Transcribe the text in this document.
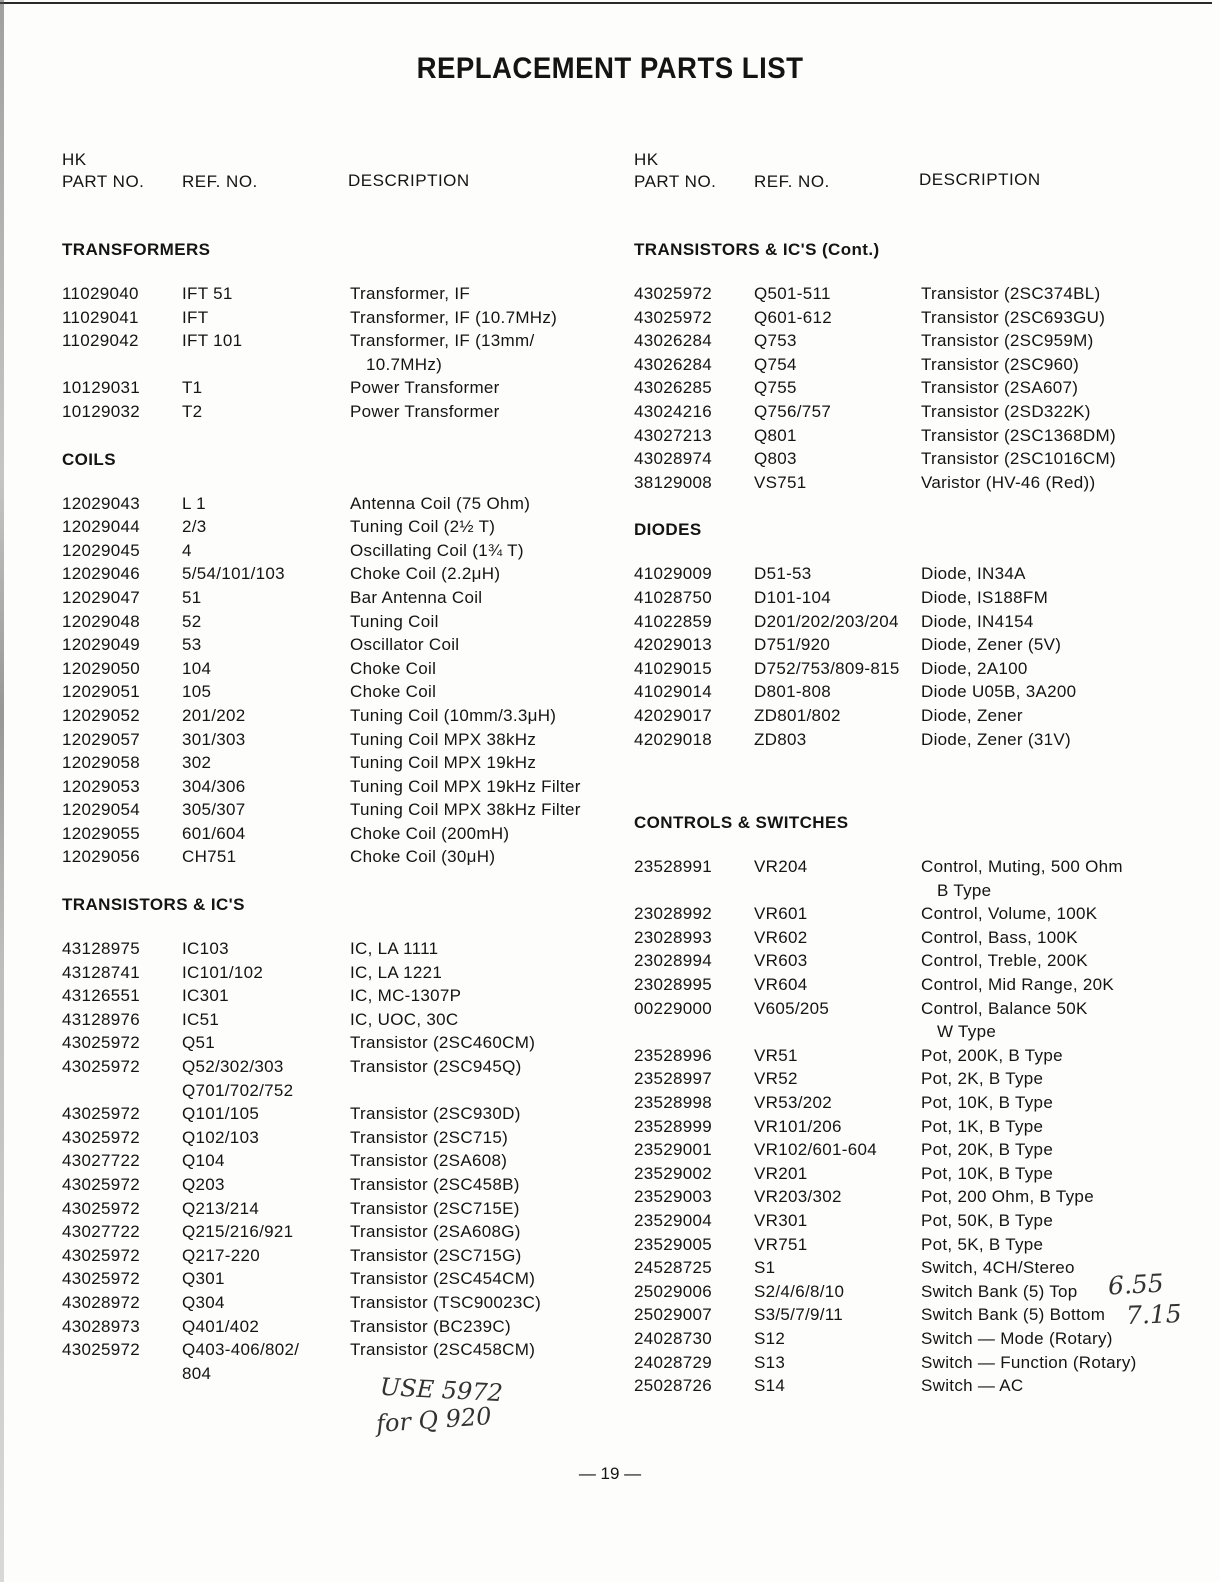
REPLACEMENT PARTS LIST
HK
PART NO. REF. NO.	DESCRIPTION
TRANSFORMERS
11029040	IFT 51	Transformer, IF
11029041	IFT	Transformer, IF (10.7MHz)
11029042	IFT 101	Transformer, IF (13mm/
10.7MHz)
10129031 T1	Power Transformer
10129032 T2	Power Transformer
COILS
12029043 L 1	Antenna Coil (75 Ohm)
12029044 2/3	Tuning Coil (2½ T)
12029045 4	Oscillating Coil (1¾ T)
12029046 5/54/101/103	Choke Coil (2.2μH)
12029047 51	Bar Antenna Coil
12029048 52	Tuning Coil
12029049 53	Oscillator Coil
12029050 104	Choke Coil
12029051 105	Choke Coil
12029052 201/202	Tuning Coil (10mm/3.3μH)
12029057 301/303	Tuning Coil MPX 38kHz
12029058 302	Tuning Coil MPX 19kHz
12029053 304/306	Tuning Coil MPX 19kHz Filter
12029054 305/307	Tuning Coil MPX 38kHz Filter
12029055 601/604	Choke Coil (200mH)
12029056 CH751	Choke Coil (30μH)
TRANSISTORS & IC'S
43128975 IC103	IC, LA 1111
43128741 IC101/102	IC, LA 1221
43126551 IC301	IC, MC-1307P
43128976 IC51	IC, UOC, 30C
43025972 Q51	Transistor (2SC460CM)
43025972 Q52/302/303	Transistor (2SC945Q)
Q701/702/752
43025972 Q101/105	Transistor (2SC930D)
43025972 Q102/103	Transistor (2SC715)
43027722 Q104	Transistor (2SA608)
43025972 Q203	Transistor (2SC458B)
43025972 Q213/214	Transistor (2SC715E)
43027722 Q215/216/921	Transistor (2SA608G)
43025972 Q217-220	Transistor (2SC715G)
43025972 Q301	Transistor (2SC454CM)
43028972 Q304	Transistor (TSC90023C)
43028973 Q401/402	Transistor (BC239C)
43025972 Q403-406/802/	Transistor (2SC458CM)
804
HK
PART NO. REF. NO.	DESCRIPTION
TRANSISTORS & IC'S (Cont.)
43025972 Q501-511	Transistor (2SC374BL)
43025972 Q601-612	Transistor (2SC693GU)
43026284 Q753	Transistor (2SC959M)
43026284 Q754	Transistor (2SC960)
43026285 Q755	Transistor (2SA607)
43024216 Q756/757	Transistor (2SD322K)
43027213 Q801	Transistor (2SC1368DM)
43028974 Q803	Transistor (2SC1016CM)
38129008 VS751	Varistor (HV-46 (Red))
DIODES
41029009 D51-53	Diode, IN34A
41028750 D101-104	Diode, IS188FM
41022859 D201/202/203/204 Diode, IN4154
42029013 D751/920	Diode, Zener (5V)
41029015 D752/753/809-815 Diode, 2A100
41029014 D801-808	Diode U05B, 3A200
42029017 ZD801/802	Diode, Zener
42029018 ZD803	Diode, Zener (31V)
CONTROLS & SWITCHES
23528991 VR204	Control, Muting, 500 Ohm
B Type
23028992 VR601	Control, Volume, 100K
23028993 VR602	Control, Bass, 100K
23028994 VR603	Control, Treble, 200K
23028995 VR604	Control, Mid Range, 20K
00229000 V605/205	Control, Balance 50K
W Type
23528996 VR51	Pot, 200K, B Type
23528997 VR52	Pot, 2K, B Type
23528998 VR53/202	Pot, 10K, B Type
23528999 VR101/206	Pot, 1K, B Type
23529001 VR102/601-604	Pot, 20K, B Type
23529002 VR201	Pot, 10K, B Type
23529003 VR203/302	Pot, 200 Ohm, B Type
23529004 VR301	Pot, 50K, B Type
23529005 VR751	Pot, 5K, B Type
24528725 S1	Switch, 4CH/Stereo
25029006 S2/4/6/8/10	Switch Bank (5) Top
25029007 S3/5/7/9/11	Switch Bank (5) Bottom
24028730 S12	Switch — Mode (Rotary)
24028729 S13	Switch — Function (Rotary)
25028726 S14	Switch — AC
USE 5972
for Q 920
6.55
7.15
— 19 —
